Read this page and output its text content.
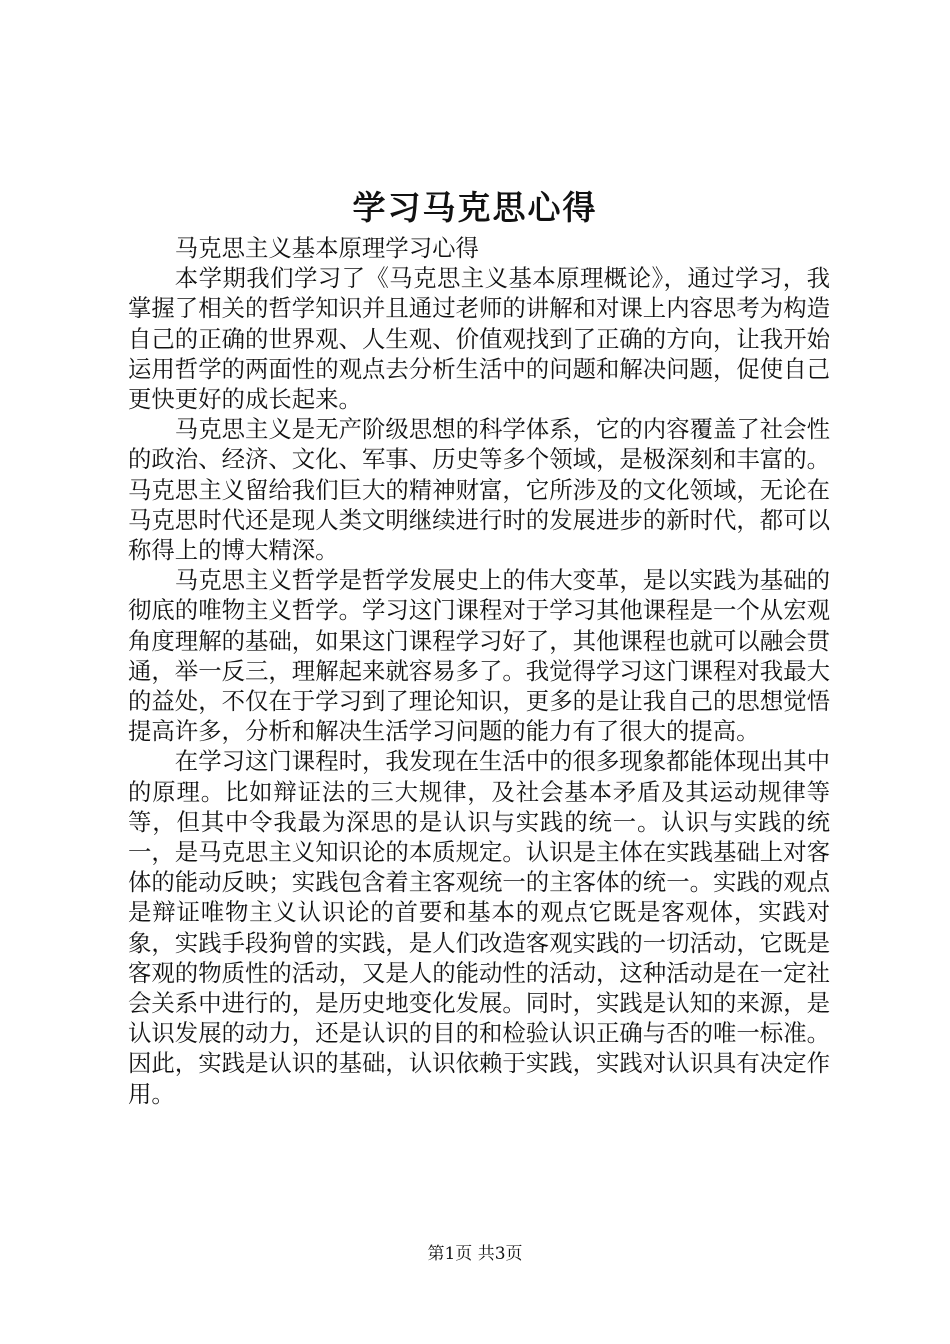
学习马克思心得

马克思主义基本原理学习心得

本学期我们学习了《马克思主义基本原理概论》，通过学习，我掌握了相关的哲学知识并且通过老师的讲解和对课上内容思考为构造自己的正确的世界观、人生观、价值观找到了正确的方向，让我开始运用哲学的两面性的观点去分析生活中的问题和解决问题，促使自己更快更好的成长起来。

马克思主义是无产阶级思想的科学体系，它的内容覆盖了社会性的政治、经济、文化、军事、历史等多个领域，是极深刻和丰富的。马克思主义留给我们巨大的精神财富，它所涉及的文化领域，无论在马克思时代还是现人类文明继续进行时的发展进步的新时代，都可以称得上的博大精深。

马克思主义哲学是哲学发展史上的伟大变革，是以实践为基础的彻底的唯物主义哲学。学习这门课程对于学习其他课程是一个从宏观角度理解的基础，如果这门课程学习好了，其他课程也就可以融会贯通，举一反三，理解起来就容易多了。我觉得学习这门课程对我最大的益处，不仅在于学习到了理论知识，更多的是让我自己的思想觉悟提高许多，分析和解决生活学习问题的能力有了很大的提高。

在学习这门课程时，我发现在生活中的很多现象都能体现出其中的原理。比如辩证法的三大规律，及社会基本矛盾及其运动规律等等，但其中令我最为深思的是认识与实践的统一。认识与实践的统一，是马克思主义知识论的本质规定。认识是主体在实践基础上对客体的能动反映；实践包含着主客观统一的主客体的统一。实践的观点是辩证唯物主义认识论的首要和基本的观点它既是客观体，实践对象，实践手段狗曾的实践，是人们改造客观实践的一切活动，它既是客观的物质性的活动，又是人的能动性的活动，这种活动是在一定社会关系中进行的，是历史地变化发展。同时，实践是认知的来源，是认识发展的动力，还是认识的目的和检验认识正确与否的唯一标准。因此，实践是认识的基础，认识依赖于实践，实践对认识具有决定作用。

第1页 共3页
